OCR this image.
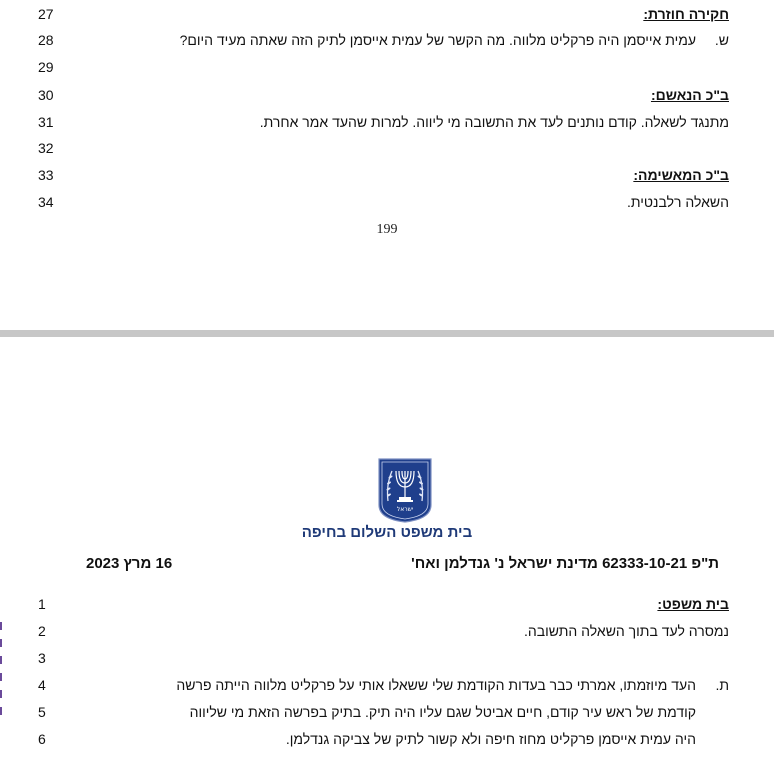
27	חקירה חוזרת:
28	ש.
עמית אייסמן היה פרקליט מלווה. מה הקשר של עמית אייסמן לתיק הזה שאתה מעיד היום?
29
30	ב"כ הנאשם:
31	מתנגד לשאלה. קודם נותנים לעד את התשובה מי ליווה. למרות שהעד אמר אחרת.
32
33	ב"כ המאשימה:
34	השאלה רלבנטית.
199
ישראל
בית משפט השלום בחיפה
ת"פ 62333-10-21 מדינת ישראל נ' גנדלמן ואח'
16 מרץ 2023
1	בית משפט:
2	נמסרה לעד בתוך השאלה התשובה.
3
4	ת.
העד מיוזמתו, אמרתי כבר בעדות הקודמת שלי ששאלו אותי על פרקליט מלווה הייתה פרשה
5	קודמת של ראש עיר קודם, חיים אביטל שגם עליו היה תיק. בתיק בפרשה הזאת מי שליווה
6	היה עמית אייסמן פרקליט מחוז חיפה ולא קשור לתיק של צביקה גנדלמן.
